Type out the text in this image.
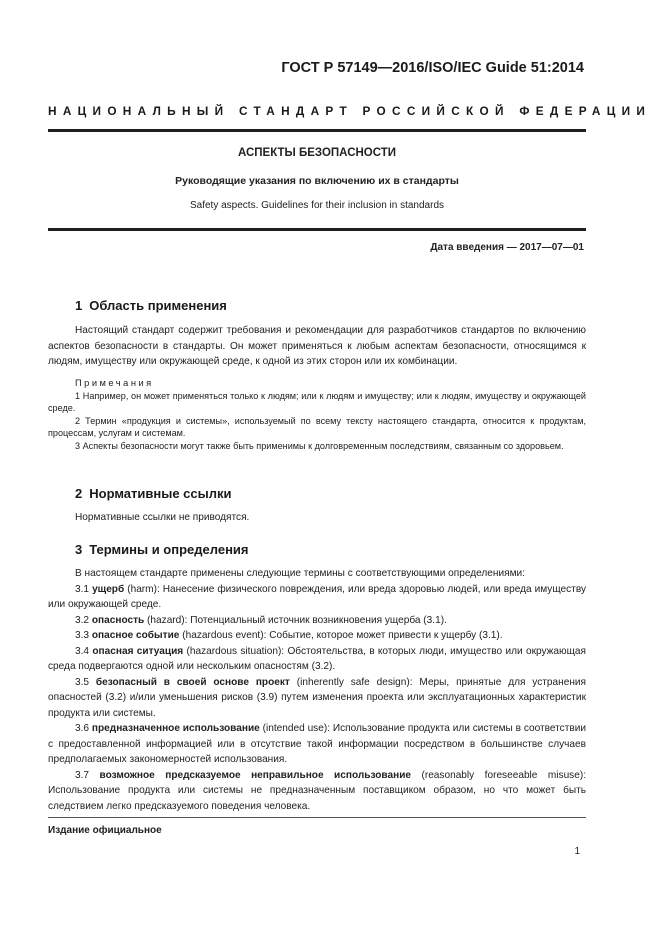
ГОСТ Р 57149—2016/ISO/IEC Guide 51:2014
НАЦИОНАЛЬНЫЙ СТАНДАРТ РОССИЙСКОЙ ФЕДЕРАЦИИ
АСПЕКТЫ БЕЗОПАСНОСТИ
Руководящие указания по включению их в стандарты
Safety aspects. Guidelines for their inclusion in standards
Дата введения — 2017—07—01
1 Область применения

Настоящий стандарт содержит требования и рекомендации для разработчиков стандартов по включению аспектов безопасности в стандарты. Он может применяться к любым аспектам безопасности, относящимся к людям, имуществу или окружающей среде, к одной из этих сторон или их комбинации.

Примечания

1 Например, он может применяться только к людям; или к людям и имуществу; или к людям, имуществу и окружающей среде.

2 Термин «продукция и системы», используемый по всему тексту настоящего стандарта, относится к продуктам, процессам, услугам и системам.

3 Аспекты безопасности могут также быть применимы к долговременным последствиям, связанным со здоровьем.

2 Нормативные ссылки

Нормативные ссылки не приводятся.

3 Термины и определения

В настоящем стандарте применены следующие термины с соответствующими определениями:

3.1 ущерб (harm): Нанесение физического повреждения, или вреда здоровью людей, или вреда имуществу или окружающей среде.

3.2 опасность (hazard): Потенциальный источник возникновения ущерба (3.1).

3.3 опасное событие (hazardous event): Событие, которое может привести к ущербу (3.1).

3.4 опасная ситуация (hazardous situation): Обстоятельства, в которых люди, имущество или окружающая среда подвергаются одной или нескольким опасностям (3.2).

3.5 безопасный в своей основе проект (inherently safe design): Меры, принятые для устранения опасностей (3.2) и/или уменьшения рисков (3.9) путем изменения проекта или эксплуатационных характеристик продукта или системы.

3.6 предназначенное использование (intended use): Использование продукта или системы в соответствии с предоставленной информацией или в отсутствие такой информации посредством в большинстве случаев предполагаемых закономерностей использования.

3.7 возможное предсказуемое неправильное использование (reasonably foreseeable misuse): Использование продукта или системы не предназначенным поставщиком образом, но что может быть следствием легко предсказуемого поведения человека.

Издание официальное
1
